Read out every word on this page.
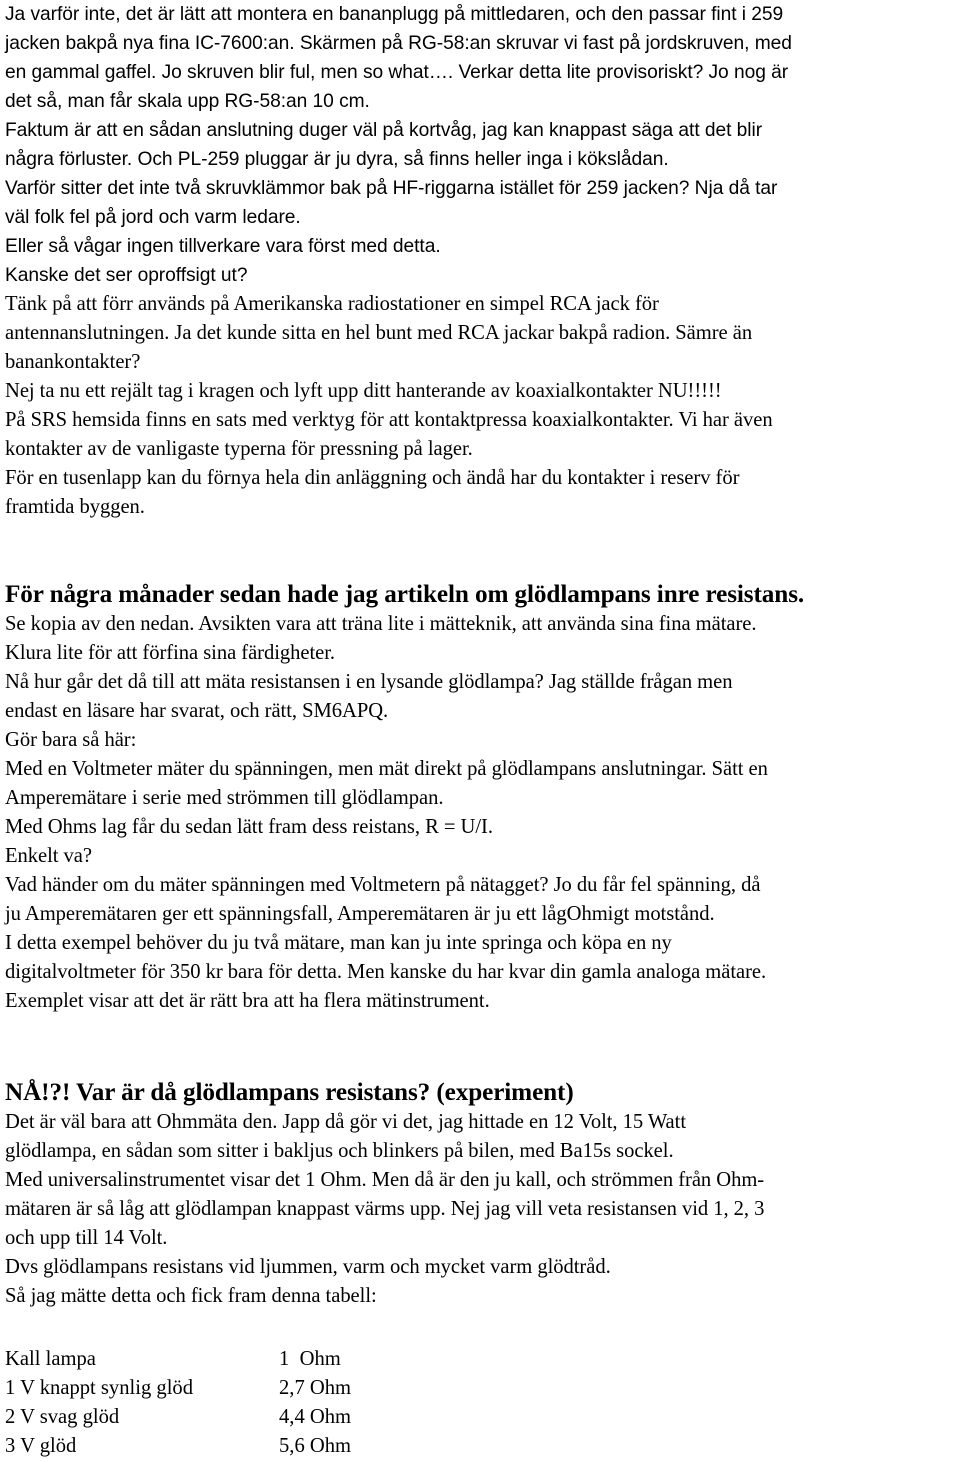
Ja varför inte, det är lätt att montera en bananplugg på mittledaren, och den passar fint i 259

jacken bakpå nya fina IC-7600:an. Skärmen på RG-58:an skruvar vi fast på jordskruven, med

en gammal gaffel. Jo skruven blir ful, men so what…. Verkar detta lite provisoriskt? Jo nog är

det så, man får skala upp RG-58:an 10 cm.

Faktum är att en sådan anslutning duger väl på kortvåg, jag kan knappast säga att det blir

några förluster. Och PL-259 pluggar är ju dyra, så finns heller inga i kökslådan.

Varför sitter det inte två skruvklämmor bak på HF-riggarna istället för 259 jacken? Nja då tar

väl folk fel på jord och varm ledare.

Eller så vågar ingen tillverkare vara först med detta.

Kanske det ser oproffsigt ut?

Tänk på att förr används på Amerikanska radiostationer en simpel RCA jack för

antennanslutningen. Ja det kunde sitta en hel bunt med RCA jackar bakpå radion. Sämre än

banankontakter?

Nej ta nu ett rejält tag i kragen och lyft upp ditt hanterande av koaxialkontakter NU!!!!!

På SRS hemsida finns en sats med verktyg för att kontaktpressa koaxialkontakter. Vi har även

kontakter av de vanligaste typerna för pressning på lager.

För en tusenlapp kan du förnya hela din anläggning och ändå har du kontakter i reserv för

framtida byggen.

För några månader sedan hade jag artikeln om glödlampans inre resistans.

Se kopia av den nedan. Avsikten vara att träna lite i mätteknik, att använda sina fina mätare.

Klura lite för att förfina sina färdigheter.

Nå hur går det då till att mäta resistansen i en lysande glödlampa? Jag ställde frågan men

endast en läsare har svarat, och rätt, SM6APQ.

Gör bara så här:

Med en Voltmeter mäter du spänningen, men mät direkt på glödlampans anslutningar. Sätt en

Amperemätare i serie med strömmen till glödlampan.

Med Ohms lag får du sedan lätt fram dess reistans, R = U/I.

Enkelt va?

Vad händer om du mäter spänningen med Voltmetern på nätagget? Jo du får fel spänning, då

ju Amperemätaren ger ett spänningsfall, Amperemätaren är ju ett lågOhmigt motstånd.

I detta exempel behöver du ju två mätare, man kan ju inte springa och köpa en ny

digitalvoltmeter för 350 kr bara för detta. Men kanske du har kvar din gamla analoga mätare.

Exemplet visar att det är rätt bra att ha flera mätinstrument.

NÅ!?! Var är då glödlampans resistans? (experiment)

Det är väl bara att Ohmmäta den. Japp då gör vi det, jag hittade en 12 Volt, 15 Watt

glödlampa, en sådan som sitter i bakljus och blinkers på bilen, med Ba15s sockel.

Med universalinstrumentet visar det 1 Ohm. Men då är den ju kall, och strömmen från Ohm-

mätaren är så låg att glödlampan knappast värms upp. Nej jag vill veta resistansen vid 1, 2, 3

och upp till 14 Volt.

Dvs glödlampans resistans vid ljummen, varm och mycket varm glödtråd.

Så jag mätte detta och fick fram denna tabell:

Kall lampa	1  Ohm
1 V knappt synlig glöd	2,7 Ohm
2 V svag glöd	4,4 Ohm
3 V glöd	5,6 Ohm
